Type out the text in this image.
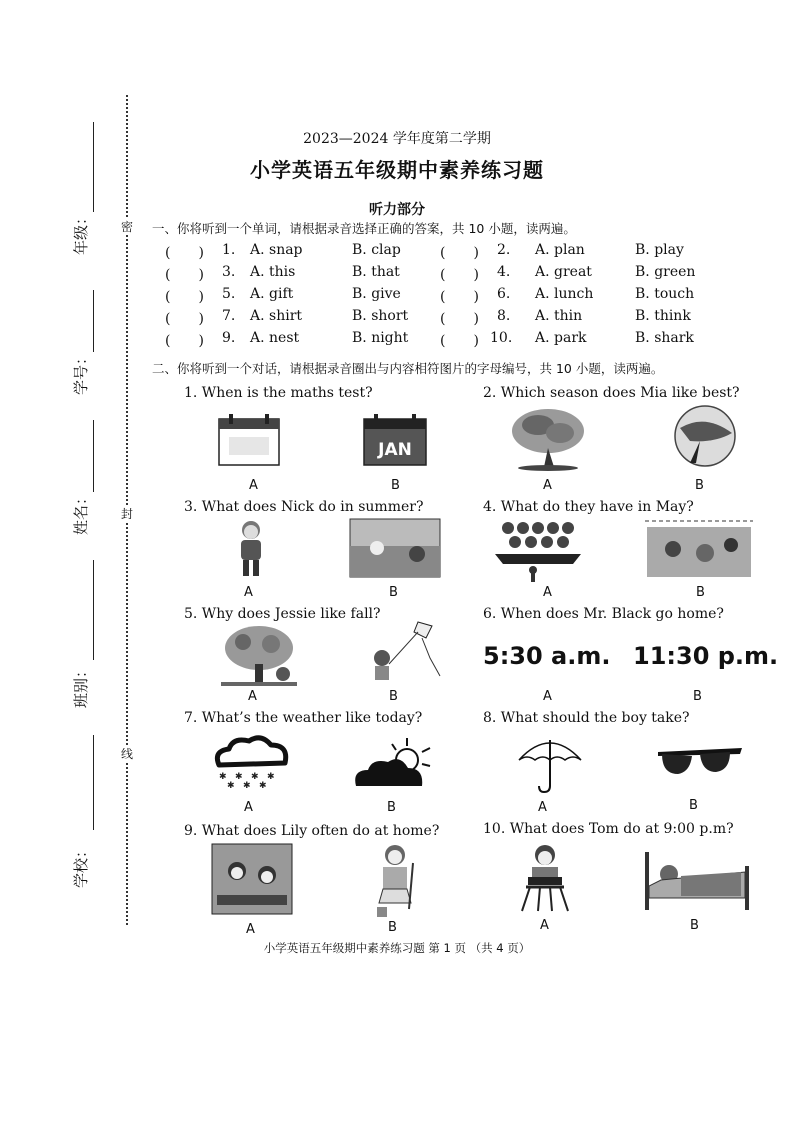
年级：
学号：
姓名：
班别：
学校：
密
封
线
2023—2024 学年度第二学期
小学英语五年级期中素养练习题
听力部分
一、你将听到一个单词，请根据录音选择正确的答案，共 10 小题，读两遍。
(　　) 1. A. snap	B. clap	(　　) 2. A. plan	B. play
(　　) 3. A. this	B. that	(　　) 4. A. great	B. green
(　　) 5. A. gift	B. give	(　　) 6. A. lunch	B. touch
(　　) 7. A. shirt	B. short (　　) 8. A. thin	B. think
(　　) 9. A. nest	B. night (　　) 10. A. park	B. shark
二、你将听到一个对话，请根据录音圈出与内容相符图片的字母编号，共 10 小题，读两遍。
1. When is the maths test?
JAN
A	B
2. Which season does Mia like best?
A	B
3. What does Nick do in summer?
A	B
4. What do they have in May?
A	B
5. Why does Jessie like fall?
A	B
6. When does Mr. Black go home?
5:30 a.m. 11:30 p.m.
A	B
7. What’s the weather like today?
✱ ✱ ✱ ✱
✱ ✱ ✱
A	B
8. What should the boy take?
A	B
9. What does Lily often do at home?
A	B
10. What does Tom do at 9:00 p.m?
A	B
小学英语五年级期中素养练习题 第 1 页 （共 4 页）
